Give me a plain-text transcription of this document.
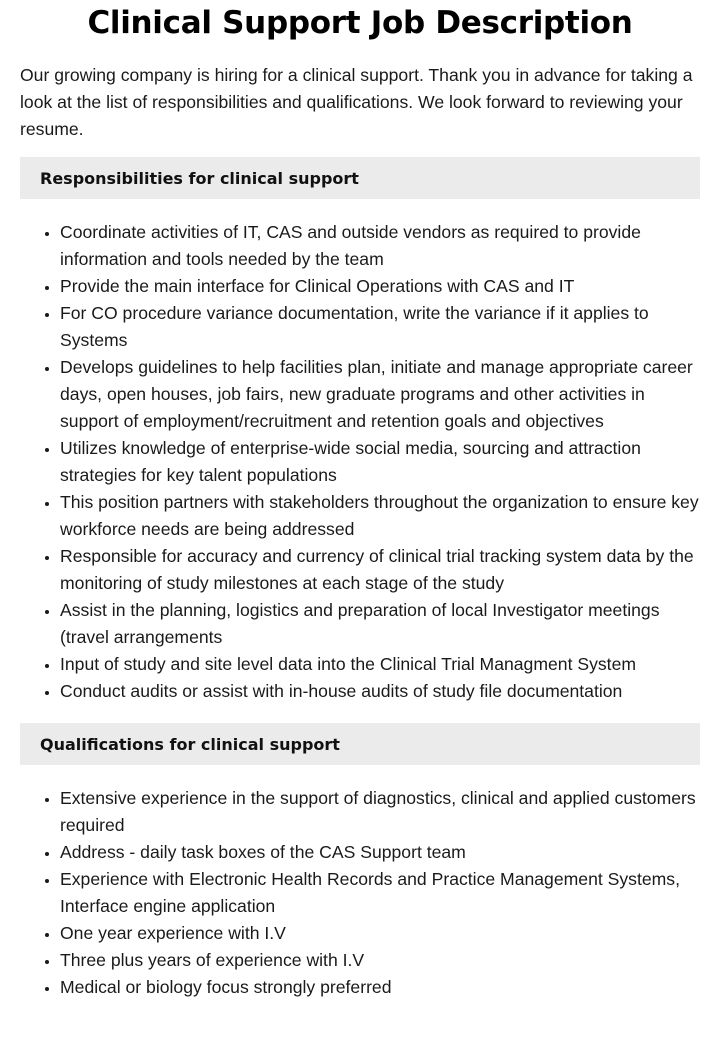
Clinical Support Job Description

Our growing company is hiring for a clinical support. Thank you in advance for taking a look at the list of responsibilities and qualifications. We look forward to reviewing your resume.

Responsibilities for clinical support
• Coordinate activities of IT, CAS and outside vendors as required to provide information and tools needed by the team
• Provide the main interface for Clinical Operations with CAS and IT
• For CO procedure variance documentation, write the variance if it applies to Systems
• Develops guidelines to help facilities plan, initiate and manage appropriate career days, open houses, job fairs, new graduate programs and other activities in support of employment/recruitment and retention goals and objectives
• Utilizes knowledge of enterprise-wide social media, sourcing and attraction strategies for key talent populations
• This position partners with stakeholders throughout the organization to ensure key workforce needs are being addressed
• Responsible for accuracy and currency of clinical trial tracking system data by the monitoring of study milestones at each stage of the study
• Assist in the planning, logistics and preparation of local Investigator meetings (travel arrangements
• Input of study and site level data into the Clinical Trial Managment System
• Conduct audits or assist with in-house audits of study file documentation
Qualifications for clinical support
• Extensive experience in the support of diagnostics, clinical and applied customers required
• Address - daily task boxes of the CAS Support team
• Experience with Electronic Health Records and Practice Management Systems, Interface engine application
• One year experience with I.V
• Three plus years of experience with I.V
• Medical or biology focus strongly preferred
